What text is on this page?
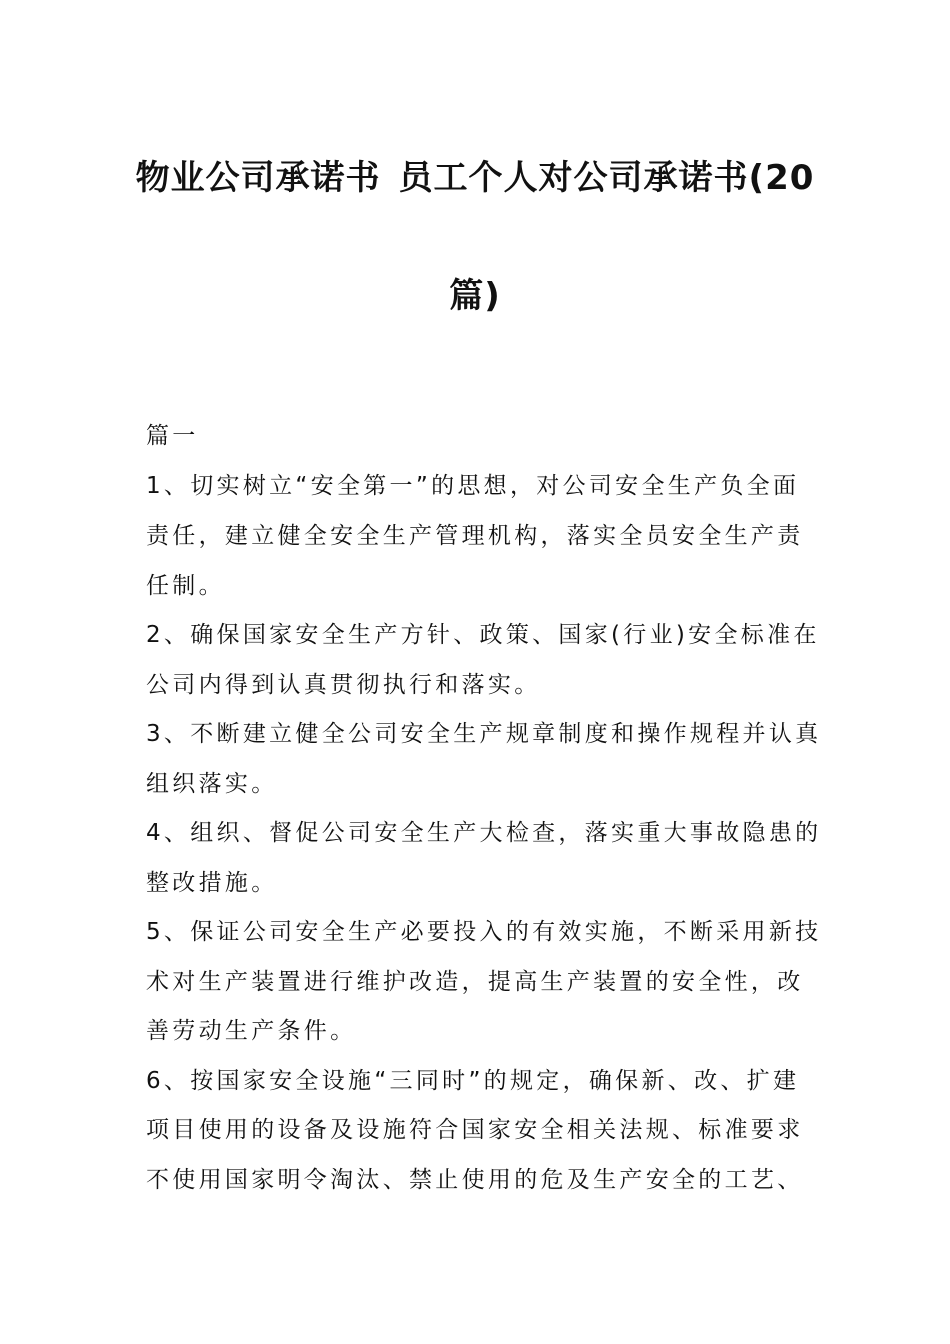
物业公司承诺书 员工个人对公司承诺书(20
篇)
篇一
1、切实树立“安全第一”的思想，对公司安全生产负全面
责任，建立健全安全生产管理机构，落实全员安全生产责
任制。
2、确保国家安全生产方针、政策、国家(行业)安全标准在
公司内得到认真贯彻执行和落实。
3、不断建立健全公司安全生产规章制度和操作规程并认真
组织落实。
4、组织、督促公司安全生产大检查，落实重大事故隐患的
整改措施。
5、保证公司安全生产必要投入的有效实施，不断采用新技
术对生产装置进行维护改造，提高生产装置的安全性，改
善劳动生产条件。
6、按国家安全设施“三同时”的规定，确保新、改、扩建
项目使用的设备及设施符合国家安全相关法规、标准要求
不使用国家明令淘汰、禁止使用的危及生产安全的工艺、
